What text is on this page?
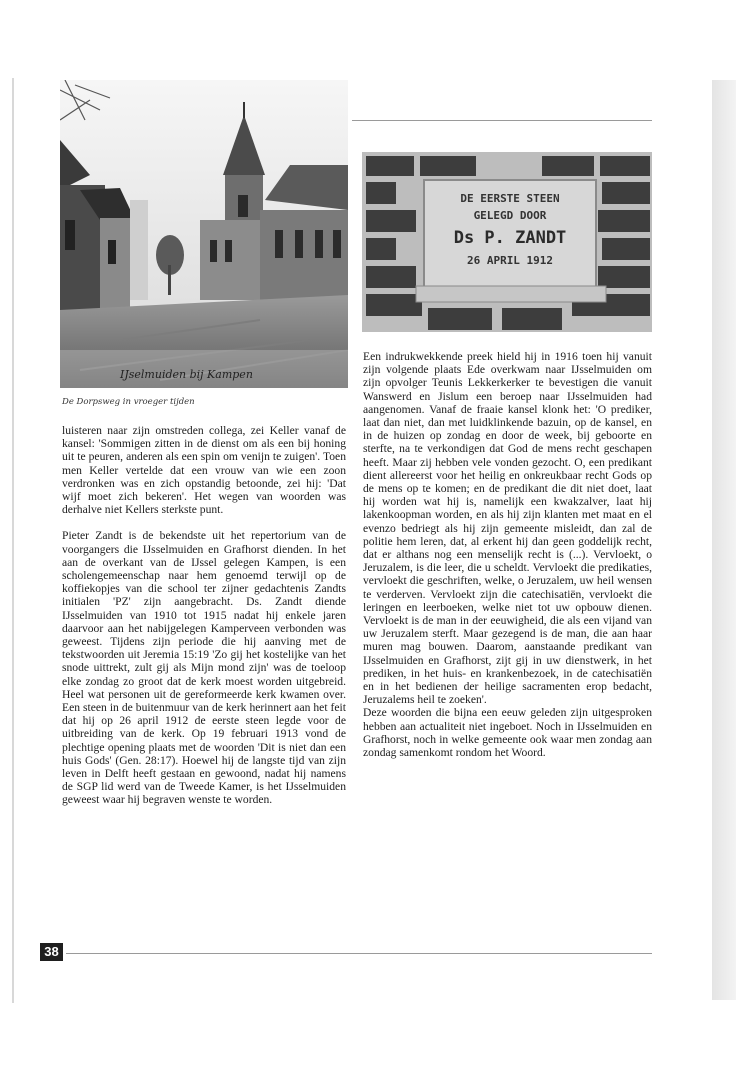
IJselmuiden bij Kampen
De Dorpsweg in vroeger tijden
DE EERSTE STEEN
GELEGD DOOR
Ds P. ZANDT
26 APRIL 1912

luisteren naar zijn omstreden collega, zei Keller vanaf de kansel: 'Sommigen zitten in de dienst om als een bij honing uit te peuren, anderen als een spin om venijn te zuigen'. Toen men Keller vertelde dat een vrouw van wie een zoon verdronken was en zich opstandig betoonde, zei hij: 'Dat wijf moet zich bekeren'. Het wegen van woorden was derhalve niet Kellers sterkste punt.

Pieter Zandt is de bekendste uit het repertorium van de voorgangers die IJsselmuiden en Grafhorst dienden. In het aan de overkant van de IJssel gelegen Kampen, is een scholengemeenschap naar hem genoemd terwijl op de koffiekopjes van die school ter zijner gedachtenis Zandts initialen 'PZ' zijn aangebracht. Ds. Zandt diende IJsselmuiden van 1910 tot 1915 nadat hij enkele jaren daarvoor aan het nabijgelegen Kamperveen verbonden was geweest. Tijdens zijn periode die hij aanving met de tekstwoorden uit Jeremia 15:19 'Zo gij het kostelijke van het snode uittrekt, zult gij als Mijn mond zijn' was de toeloop elke zondag zo groot dat de kerk moest worden uitgebreid. Heel wat personen uit de gereformeerde kerk kwamen over. Een steen in de buitenmuur van de kerk herinnert aan het feit dat hij op 26 april 1912 de eerste steen legde voor de uitbreiding van de kerk. Op 19 februari 1913 vond de plechtige opening plaats met de woorden 'Dit is niet dan een huis Gods' (Gen. 28:17). Hoewel hij de langste tijd van zijn leven in Delft heeft gestaan en gewoond, nadat hij namens de SGP lid werd van de Tweede Kamer, is het IJsselmuiden geweest waar hij begraven wenste te worden.

Een indrukwekkende preek hield hij in 1916 toen hij vanuit zijn volgende plaats Ede overkwam naar IJsselmuiden om zijn opvolger Teunis Lekkerkerker te bevestigen die vanuit Wanswerd en Jislum een beroep naar IJsselmuiden had aangenomen. Vanaf de fraaie kansel klonk het: 'O prediker, laat dan niet, dan met luidklinkende bazuin, op de kansel, en in de huizen op zondag en door de week, bij geboorte en sterfte, na te verkondigen dat God de mens recht geschapen heeft. Maar zij hebben vele vonden gezocht. O, een predikant dient allereerst voor het heilig en onkreukbaar recht Gods op de mens op te komen; en de predikant die dit niet doet, laat hij worden wat hij is, namelijk een kwakzalver, laat hij lakenkoopman worden, en als hij zijn klanten met maat en el evenzo bedriegt als hij zijn gemeente misleidt, dan zal de politie hem leren, dat, al erkent hij dan geen goddelijk recht, dat er althans nog een menselijk recht is (...). Vervloekt, o Jeruzalem, is die leer, die u scheldt. Vervloekt die predikaties, vervloekt die geschriften, welke, o Jeruzalem, uw heil wensen te verderven. Vervloekt zijn die catechisatiën, vervloekt die leringen en leerboeken, welke niet tot uw opbouw dienen. Vervloekt is de man in der eeuwigheid, die als een vijand van uw Jeruzalem sterft. Maar gezegend is de man, die aan haar muren mag bouwen. Daarom, aanstaande predikant van IJsselmuiden en Grafhorst, zijt gij in uw dienstwerk, in het prediken, in het huis- en krankenbezoek, in de catechisatiën en in het bedienen der heilige sacramenten erop bedacht, Jeruzalems heil te zoeken'.

Deze woorden die bijna een eeuw geleden zijn uitgesproken hebben aan actualiteit niet ingeboet. Noch in IJsselmuiden en Grafhorst, noch in welke gemeente ook waar men zondag aan zondag samenkomt rondom het Woord.

38
